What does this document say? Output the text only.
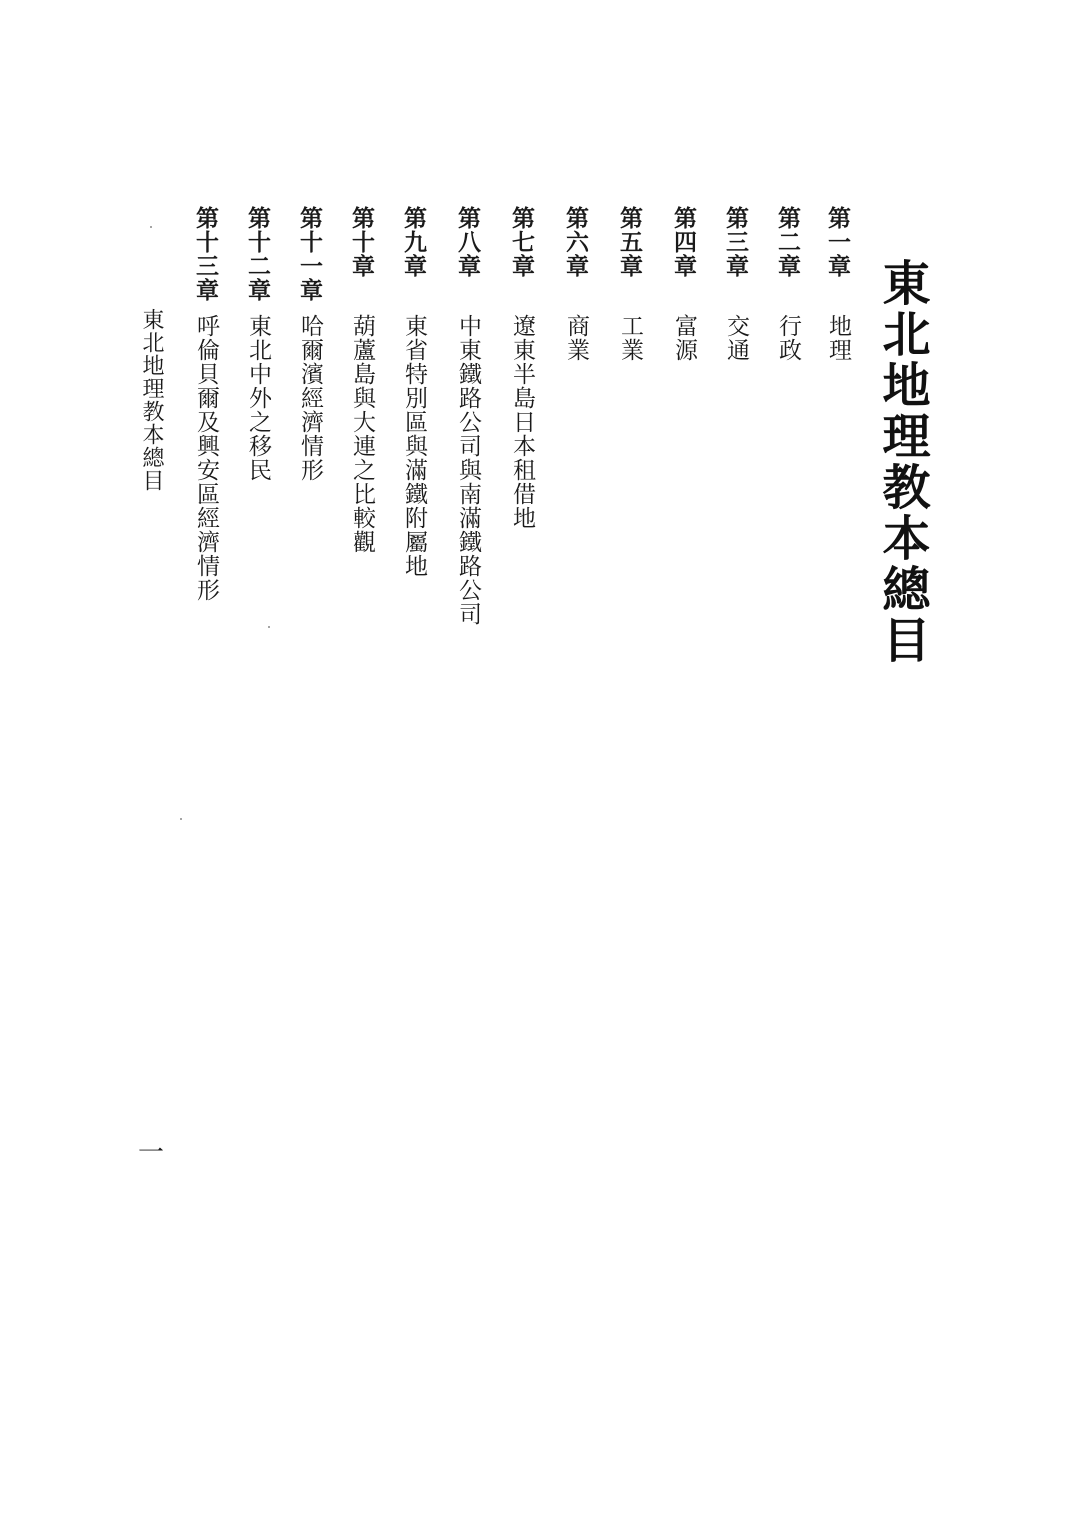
東北地理教本總目
第一章
地理
第二章
行政
第三章
交通
第四章
富源
第五章
工業
第六章
商業
第七章
遼東半島日本租借地
第八章
中東鐵路公司與南滿鐵路公司
第九章
東省特別區與滿鐵附屬地
第十章
葫蘆島與大連之比較觀
第十一章
哈爾濱經濟情形
第十二章
東北中外之移民
第十三章
呼倫貝爾及興安區經濟情形
東北地理教本總目
一
